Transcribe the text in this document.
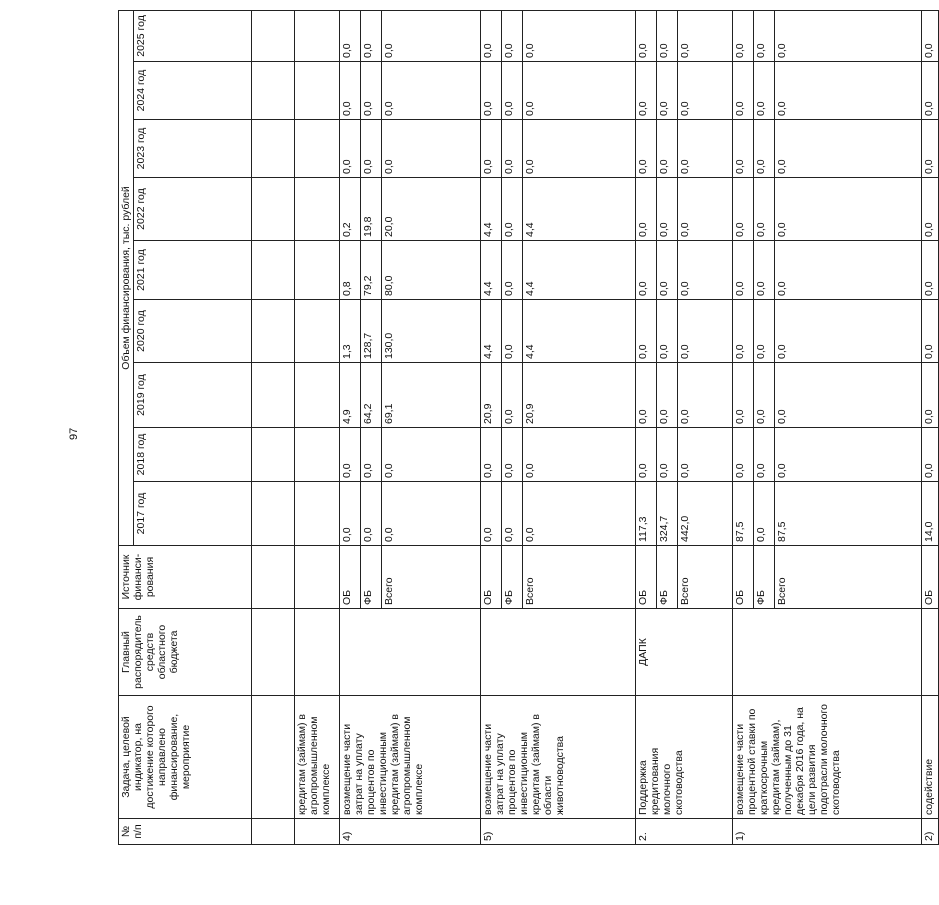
97
№ п/п	Задача, целевой индикатор, на достижение которого направлено финансирование, мероприятие	Главный распорядитель средств областного бюджета	Источник финанси-рования	Объем финансирования, тыс. рублей								
				2017 год	2018 год	2019 год	2020 год	2021 год	2022 год	2023 год	2024 год	2025 год

	кредитам (займам) в агропромышленном комплексе											
4)	возмещение части затрат на уплату процентов по инвестиционным кредитам (займам) в агропромышленном комплексе		ОБ	0,0	0,0	4,9	1,3	0,8	0,2	0,0	0,0	0,0
			ФБ	0,0	0,0	64,2	128,7	79,2	19,8	0,0	0,0	0,0
			Всего	0,0	0,0	69,1	130,0	80,0	20,0	0,0	0,0	0,0
5)	возмещение части затрат на уплату процентов по инвестиционным кредитам (займам) в области животноводства		ОБ	0,0	0,0	20,9	4,4	4,4	4,4	0,0	0,0	0,0
			ФБ	0,0	0,0	0,0	0,0	0,0	0,0	0,0	0,0	0,0
			Всего	0,0	0,0	20,9	4,4	4,4	4,4	0,0	0,0	0,0
2.	Поддержка кредитования молочного скотоводства	ДАПК	ОБ	117,3	0,0	0,0	0,0	0,0	0,0	0,0	0,0	0,0
			ФБ	324,7	0,0	0,0	0,0	0,0	0,0	0,0	0,0	0,0
			Всего	442,0	0,0	0,0	0,0	0,0	0,0	0,0	0,0	0,0
1)	возмещение части процентной ставки по краткосрочным кредитам (займам), полученным до 31 декабря 2016 года, на цели развития подотрасли молочного скотоводства		ОБ	87,5	0,0	0,0	0,0	0,0	0,0	0,0	0,0	0,0
			ФБ	0,0	0,0	0,0	0,0	0,0	0,0	0,0	0,0	0,0
			Всего	87,5	0,0	0,0	0,0	0,0	0,0	0,0	0,0	0,0
2)	содействие		ОБ	14,0	0,0	0,0	0,0	0,0	0,0	0,0	0,0	0,0
